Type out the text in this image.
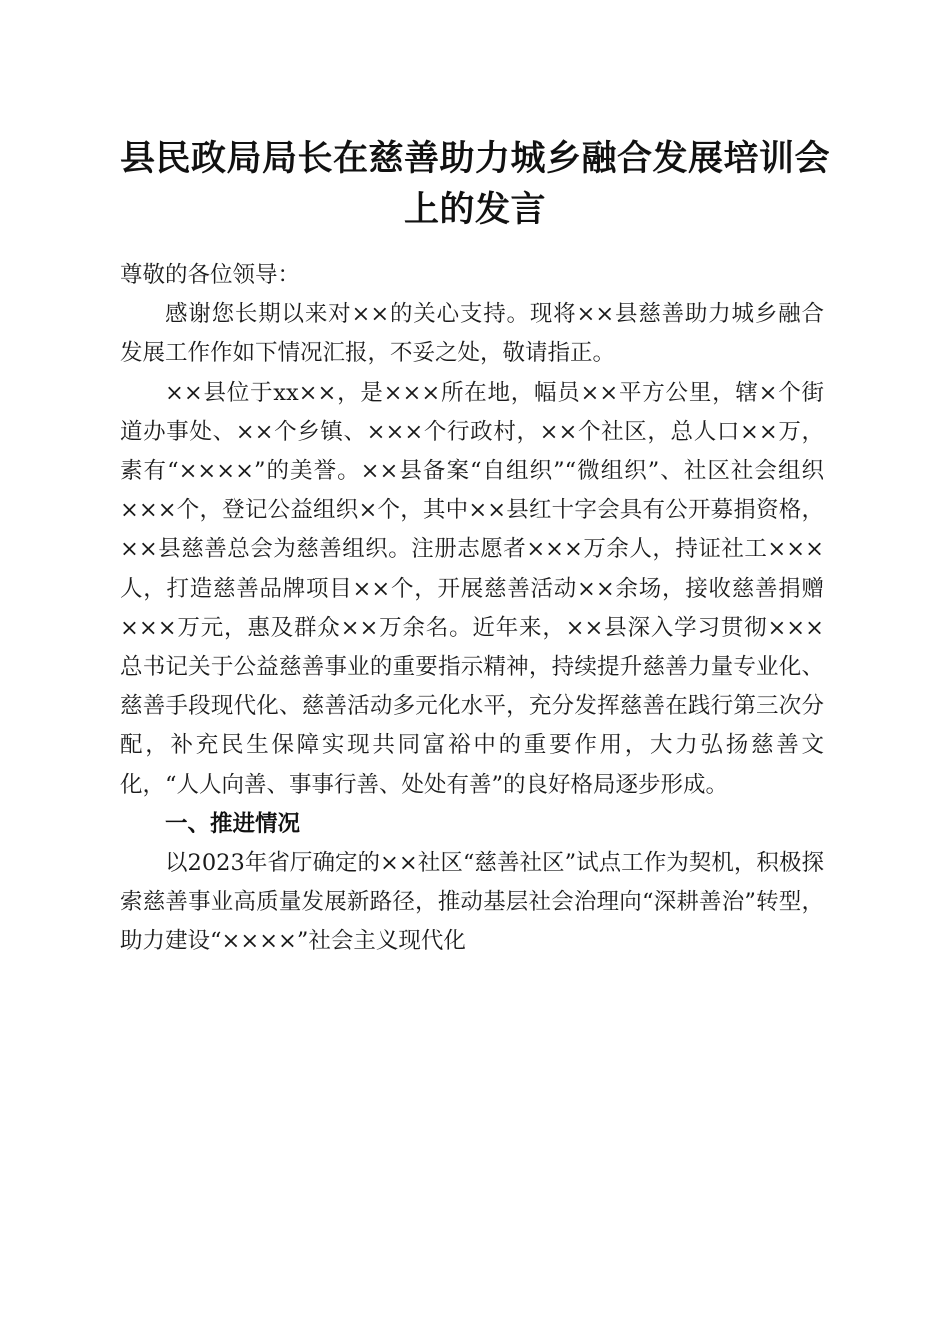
县民政局局长在慈善助力城乡融合发展培训会上的发言

尊敬的各位领导：

感谢您长期以来对××的关心支持。现将××县慈善助力城乡融合发展工作作如下情况汇报，不妥之处，敬请指正。

××县位于xx××，是×××所在地，幅员××平方公里，辖×个街道办事处、××个乡镇、×××个行政村，××个社区，总人口××万，素有“××××”的美誉。××县备案“自组织”“微组织”、社区社会组织×××个，登记公益组织×个，其中××县红十字会具有公开募捐资格，××县慈善总会为慈善组织。注册志愿者×××万余人，持证社工×××人，打造慈善品牌项目××个，开展慈善活动××余场，接收慈善捐赠×××万元，惠及群众××万余名。近年来，××县深入学习贯彻×××总书记关于公益慈善事业的重要指示精神，持续提升慈善力量专业化、慈善手段现代化、慈善活动多元化水平，充分发挥慈善在践行第三次分配，补充民生保障实现共同富裕中的重要作用，大力弘扬慈善文化，“人人向善、事事行善、处处有善”的良好格局逐步形成。

一、推进情况

以2023年省厅确定的××社区“慈善社区”试点工作为契机，积极探索慈善事业高质量发展新路径，推动基层社会治理向“深耕善治”转型，助力建设“××××”社会主义现代化
